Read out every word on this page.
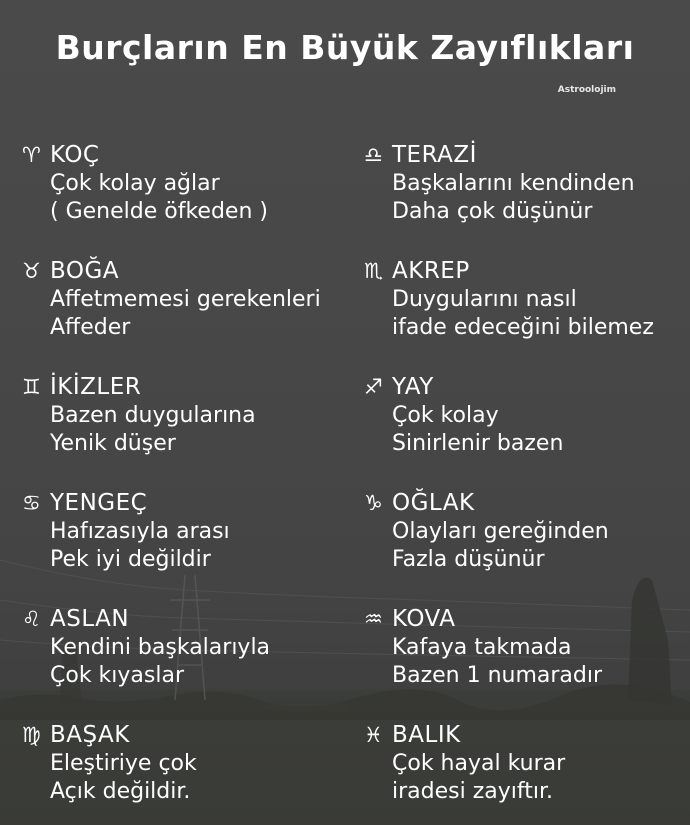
Burçların En Büyük Zayıflıkları
Astroolojim
♈ KOÇ
Çok kolay ağlar
( Genelde öfkeden )
♎ TERAZİ
Başkalarını kendinden
Daha çok düşünür
♉ BOĞA
Affetmemesi gerekenleri
Affeder
♏ AKREP
Duygularını nasıl
ifade edeceğini bilemez
♊ İKİZLER
Bazen duygularına
Yenik düşer
♐ YAY
Çok kolay
Sinirlenir bazen
♋ YENGEÇ
Hafızasıyla arası
Pek iyi değildir
♑ OĞLAK
Olayları gereğinden
Fazla düşünür
♌ ASLAN
Kendini başkalarıyla
Çok kıyaslar
♒ KOVA
Kafaya takmada
Bazen 1 numaradır
♍ BAŞAK
Eleştiriye çok
Açık değildir.
♓ BALIK
Çok hayal kurar
iradesi zayıftır.
